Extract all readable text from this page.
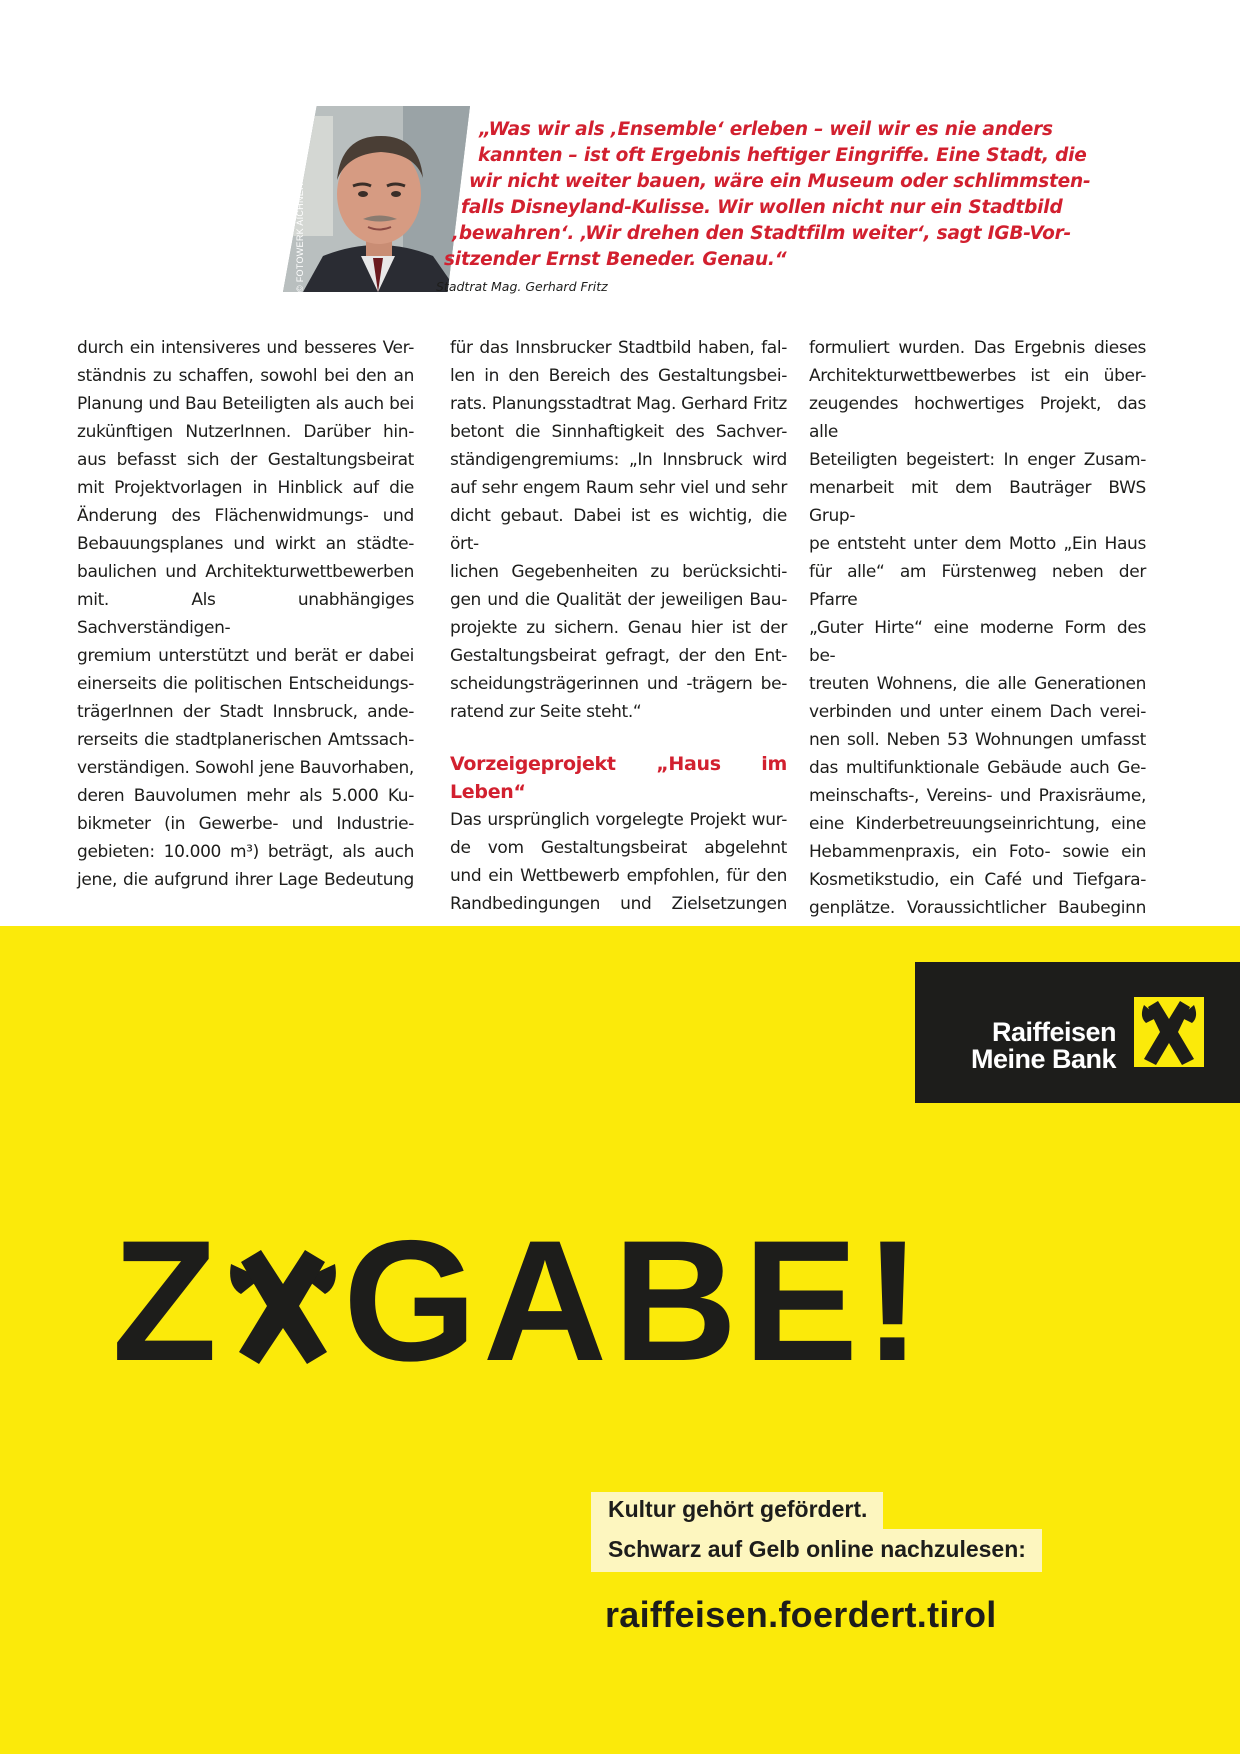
© FOTOWERK AICHNER
„Was wir als ‚Ensemble‘ erleben – weil wir es nie anders
kannten – ist oft Ergebnis heftiger Eingriffe. Eine Stadt, die
wir nicht weiter bauen, wäre ein Museum oder schlimmsten-
falls Disneyland-Kulisse. Wir wollen nicht nur ein Stadtbild
‚bewahren‘. ‚Wir drehen den Stadtfilm weiter‘, sagt IGB-Vor-
sitzender Ernst Beneder. Genau.“
Stadtrat Mag. Gerhard Fritz

durch ein intensiveres und besseres Ver-

ständnis zu schaffen, sowohl bei den an

Planung und Bau Beteiligten als auch bei

zukünftigen NutzerInnen. Darüber hin-

aus befasst sich der Gestaltungsbeirat

mit Projektvorlagen in Hinblick auf die

Änderung des Flächenwidmungs- und

Bebauungsplanes und wirkt an städte-

baulichen und Architekturwettbewerben

mit. Als unabhängiges Sachverständigen-

gremium unterstützt und berät er dabei

einerseits die politischen Entscheidungs-

trägerInnen der Stadt Innsbruck, ande-

rerseits die stadtplanerischen Amtssach-

verständigen. Sowohl jene Bauvorhaben,

deren Bauvolumen mehr als 5.000 Ku-

bikmeter (in Gewerbe- und Industrie-

gebieten: 10.000 m³) beträgt, als auch

jene, die aufgrund ihrer Lage Bedeutung

für das Innsbrucker Stadtbild haben, fal-

len in den Bereich des Gestaltungsbei-

rats. Planungsstadtrat Mag. Gerhard Fritz

betont die Sinnhaftigkeit des Sachver-

ständigengremiums: „In Innsbruck wird

auf sehr engem Raum sehr viel und sehr

dicht gebaut. Dabei ist es wichtig, die ört-

lichen Gegebenheiten zu berücksichti-

gen und die Qualität der jeweiligen Bau-

projekte zu sichern. Genau hier ist der

Gestaltungsbeirat gefragt, der den Ent-

scheidungsträgerinnen und -trägern be-

ratend zur Seite steht.“

Vorzeigeprojekt „Haus im Leben“

Das ursprünglich vorgelegte Projekt wur-

de vom Gestaltungsbeirat abgelehnt

und ein Wettbewerb empfohlen, für den

Randbedingungen und Zielsetzungen

formuliert wurden. Das Ergebnis dieses

Architekturwettbewerbes ist ein über-

zeugendes hochwertiges Projekt, das alle

Beteiligten begeistert: In enger Zusam-

menarbeit mit dem Bauträger BWS Grup-

pe entsteht unter dem Motto „Ein Haus

für alle“ am Fürstenweg neben der Pfarre

„Guter Hirte“ eine moderne Form des be-

treuten Wohnens, die alle Generationen

verbinden und unter einem Dach verei-

nen soll. Neben 53 Wohnungen umfasst

das multifunktionale Gebäude auch Ge-

meinschafts-, Vereins- und Praxisräume,

eine Kinderbetreuungseinrichtung, eine

Hebammenpraxis, ein Foto- sowie ein

Kosmetikstudio, ein Café und Tiefgara-

genplätze. Voraussichtlicher Baubeginn

Raiffeisen
Meine Bank
Z GABE!
Kultur gehört gefördert.
Schwarz auf Gelb online nachzulesen:
raiffeisen.foerdert.tirol
